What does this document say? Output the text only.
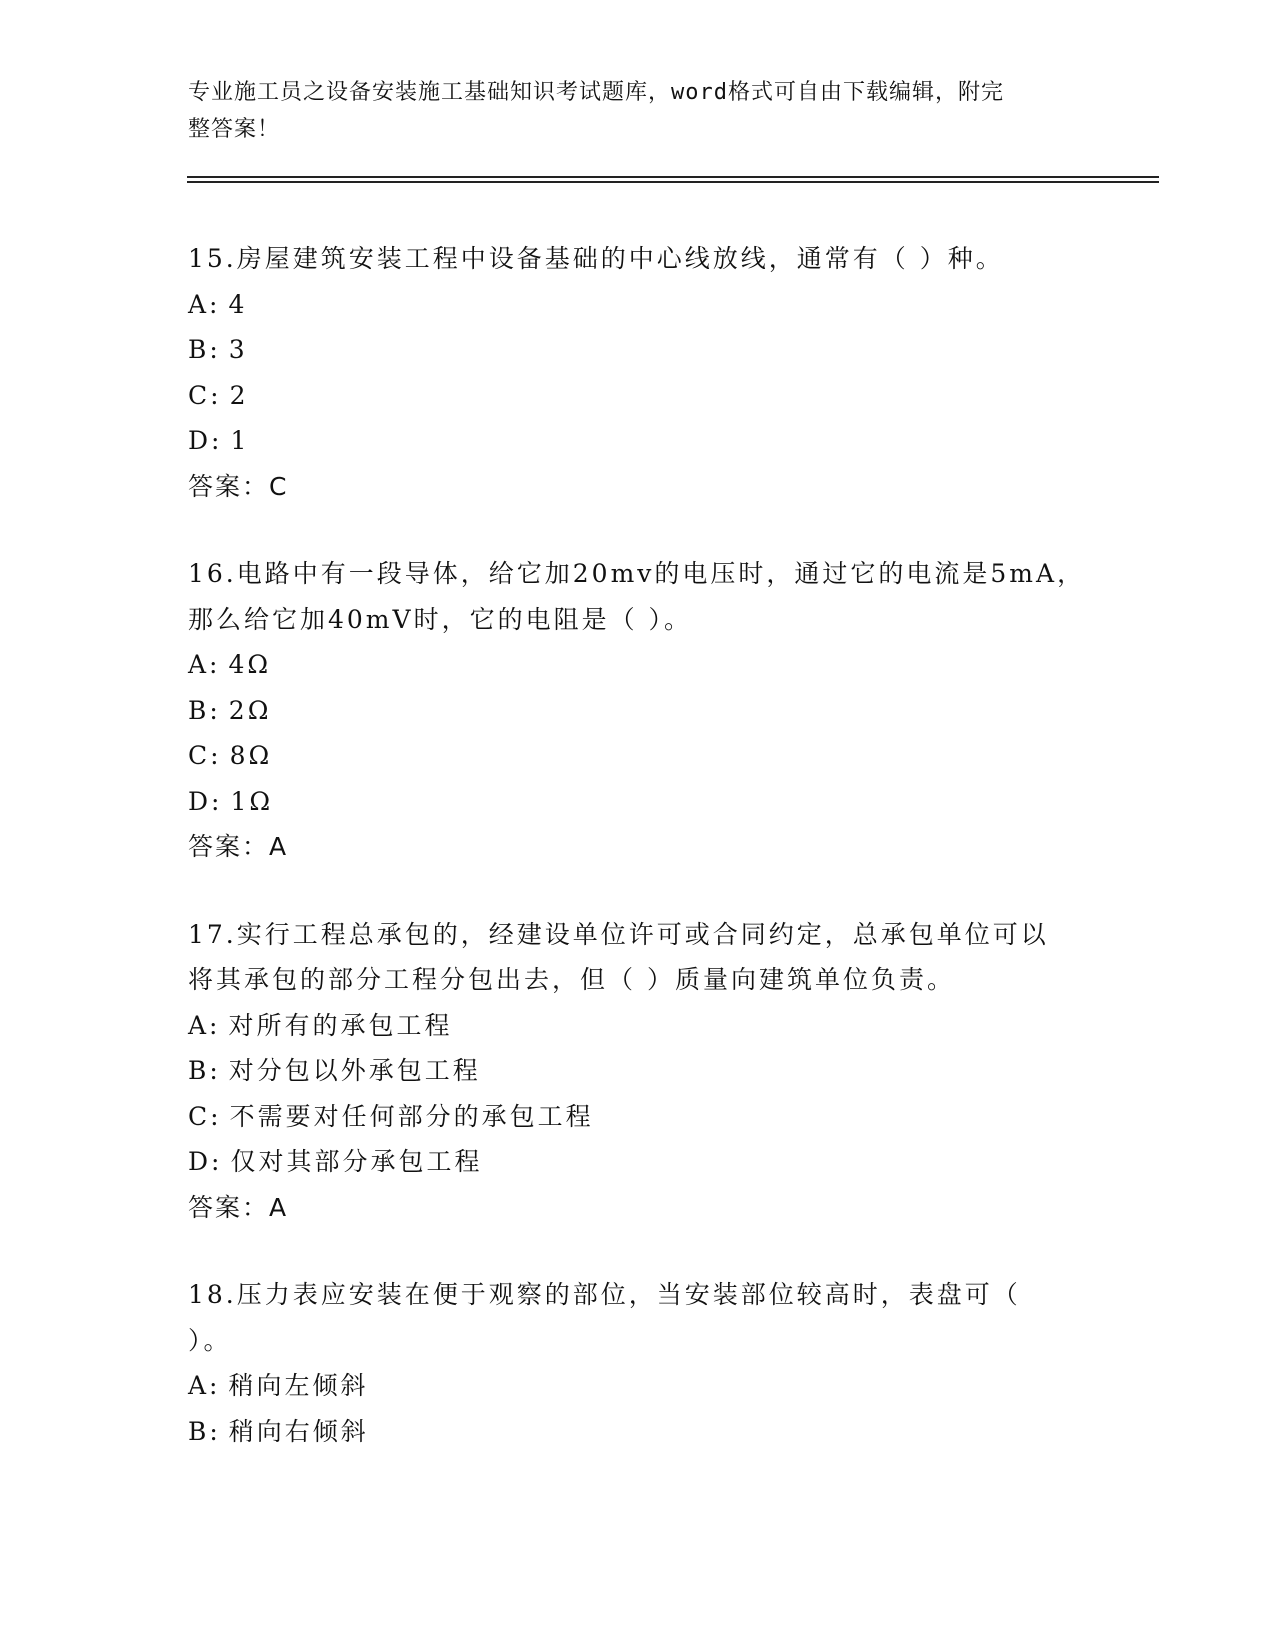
专业施工员之设备安装施工基础知识考试题库，word格式可自由下载编辑，附完
整答案！
15.房屋建筑安装工程中设备基础的中心线放线，通常有（ ）种。
A: 4
B: 3
C: 2
D: 1
答案：C
16.电路中有一段导体，给它加20mv的电压时，通过它的电流是5mA，
那么给它加40mV时，它的电阻是（ ）。
A: 4Ω
B: 2Ω
C: 8Ω
D: 1Ω
答案：A
17.实行工程总承包的，经建设单位许可或合同约定，总承包单位可以
将其承包的部分工程分包出去，但（ ）质量向建筑单位负责。
A: 对所有的承包工程
B: 对分包以外承包工程
C: 不需要对任何部分的承包工程
D: 仅对其部分承包工程
答案：A
18.压力表应安装在便于观察的部位，当安装部位较高时，表盘可（
）。
A: 稍向左倾斜
B: 稍向右倾斜
